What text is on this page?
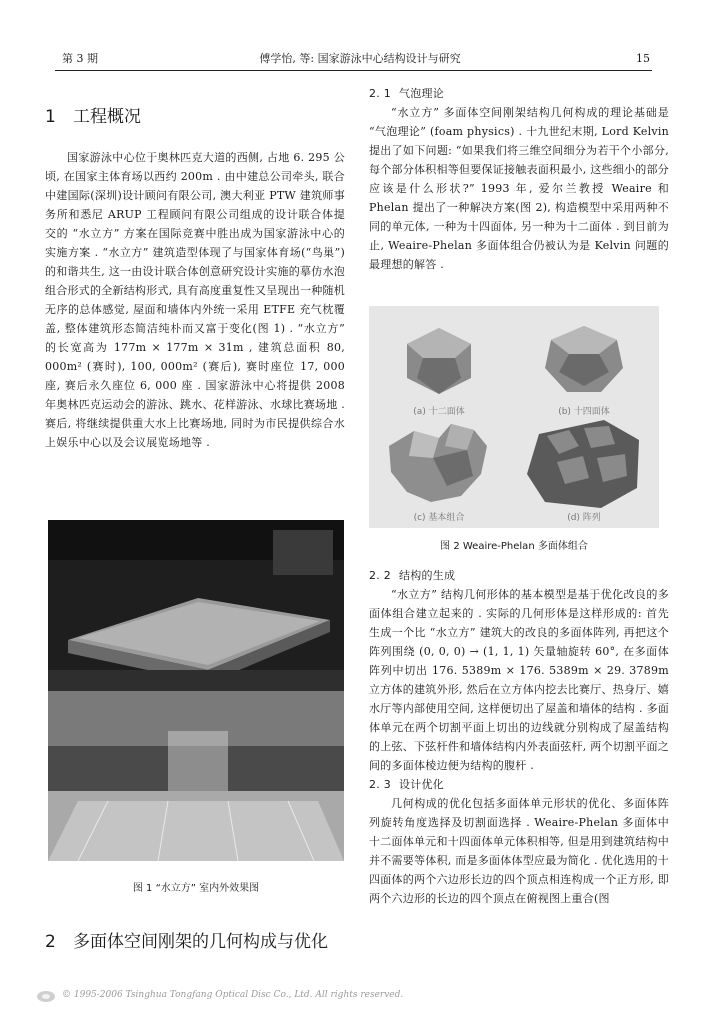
第 3 期	傅学怡, 等: 国家游泳中心结构设计与研究	15
1 工程概况

国家游泳中心位于奥林匹克大道的西侧, 占地 6. 295 公顷, 在国家主体育场以西约 200m . 由中建总公司牵头, 联合中建国际(深圳)设计顾问有限公司, 澳大利亚 PTW 建筑师事务所和悉尼 ARUP 工程顾问有限公司组成的设计联合体提交的 “水立方” 方案在国际竞赛中胜出成为国家游泳中心的实施方案 . “水立方” 建筑造型体现了与国家体育场(“鸟巢”) 的和谐共生, 这一由设计联合体创意研究设计实施的摹仿水泡组合形式的全新结构形式, 具有高度重复性又呈现出一种随机无序的总体感觉, 屋面和墙体内外统一采用 ETFE 充气枕覆盖, 整体建筑形态简洁纯朴而又富于变化(图 1) . “水立方” 的长宽高为 177m × 177m × 31m , 建筑总面积 80, 000m² (赛时), 100, 000m² (赛后), 赛时座位 17, 000 座, 赛后永久座位 6, 000 座 . 国家游泳中心将提供 2008 年奥林匹克运动会的游泳、跳水、花样游泳、水球比赛场地 . 赛后, 将继续提供重大水上比赛场地, 同时为市民提供综合水上娱乐中心以及会议展览场地等 .

图 1 “水立方” 室内外效果图
2 多面体空间刚架的几何构成与优化
2. 1 气泡理论

“水立方” 多面体空间刚架结构几何构成的理论基础是 “气泡理论” (foam physics) . 十九世纪末期, Lord Kelvin 提出了如下问题: “如果我们将三维空间细分为若干个小部分, 每个部分体积相等但要保证接触表面积最小, 这些细小的部分应该是什么形状?” 1993 年, 爱尔兰教授 Weaire 和 Phelan 提出了一种解决方案(图 2), 构造模型中采用两种不同的单元体, 一种为十四面体, 另一种为十二面体 . 到目前为止, Weaire-Phelan 多面体组合仍被认为是 Kelvin 问题的最理想的解答 .

(a) 十二面体	(b) 十四面体
(c) 基本组合	(d) 阵列
图 2 Weaire-Phelan 多面体组合
2. 2 结构的生成

“水立方” 结构几何形体的基本模型是基于优化改良的多面体组合建立起来的 . 实际的几何形体是这样形成的: 首先生成一个比 “水立方” 建筑大的改良的多面体阵列, 再把这个阵列围绕 (0, 0, 0) → (1, 1, 1) 矢量轴旋转 60°, 在多面体阵列中切出 176. 5389m × 176. 5389m × 29. 3789m 立方体的建筑外形, 然后在立方体内挖去比赛厅、热身厅、嬉水厅等内部使用空间, 这样便切出了屋盖和墙体的结构 . 多面体单元在两个切割平面上切出的边线就分别构成了屋盖结构的上弦、下弦杆件和墙体结构内外表面弦杆, 两个切割平面之间的多面体棱边便为结构的腹杆 .

2. 3 设计优化

几何构成的优化包括多面体单元形状的优化、多面体阵列旋转角度选择及切割面选择 . Weaire-Phelan 多面体中十二面体单元和十四面体单元体积相等, 但是用到建筑结构中并不需要等体积, 而是多面体体型应最为简化 . 优化选用的十四面体的两个六边形长边的四个顶点相连构成一个正方形, 即两个六边形的长边的四个顶点在俯视图上重合(图

© 1995-2006 Tsinghua Tongfang Optical Disc Co., Ltd. All rights reserved.
